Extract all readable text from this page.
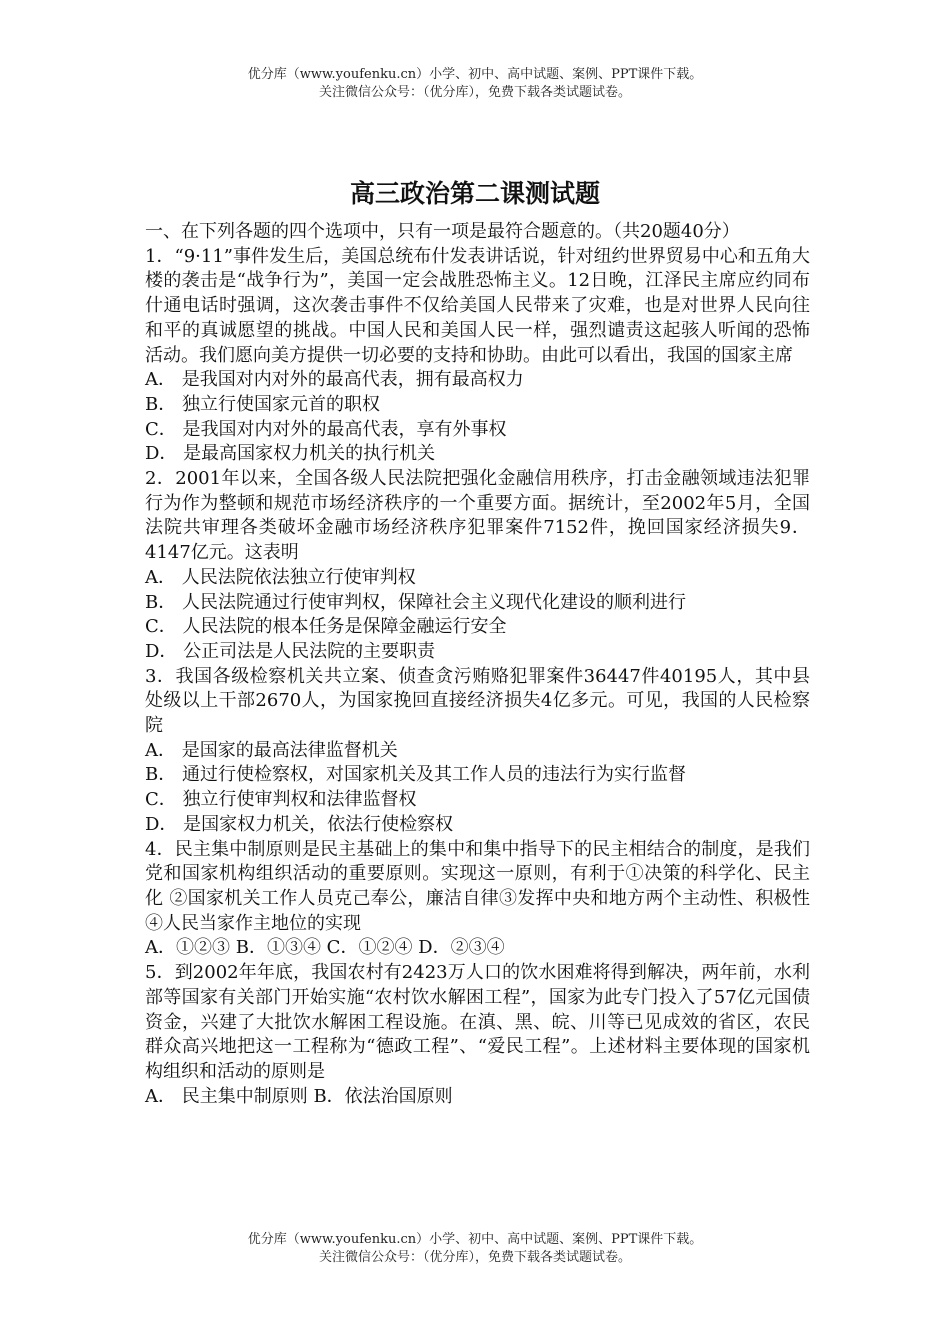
优分库（www.youfenku.cn）小学、初中、高中试题、案例、PPT课件下载。
关注微信公众号：（优分库），免费下载各类试题试卷。
高三政治第二课测试题

一、在下列各题的四个选项中，只有一项是最符合题意的。（共20题40分）

1．“9·11”事件发生后，美国总统布什发表讲话说，针对纽约世界贸易中心和五角大楼的袭击是“战争行为”，美国一定会战胜恐怖主义。12日晚，江泽民主席应约同布什通电话时强调，这次袭击事件不仅给美国人民带来了灾难，也是对世界人民向往和平的真诚愿望的挑战。中国人民和美国人民一样，强烈谴责这起骇人听闻的恐怖活动。我们愿向美方提供一切必要的支持和协助。由此可以看出，我国的国家主席

A． 是我国对内对外的最高代表，拥有最高权力

B． 独立行使国家元首的职权

C． 是我国对内对外的最高代表，享有外事权

D． 是最高国家权力机关的执行机关

2．2001年以来，全国各级人民法院把强化金融信用秩序，打击金融领域违法犯罪行为作为整顿和规范市场经济秩序的一个重要方面。据统计，至2002年5月，全国法院共审理各类破坏金融市场经济秩序犯罪案件7152件，挽回国家经济损失9．4147亿元。这表明

A． 人民法院依法独立行使审判权

B． 人民法院通过行使审判权，保障社会主义现代化建设的顺利进行

C． 人民法院的根本任务是保障金融运行安全

D． 公正司法是人民法院的主要职责

3．我国各级检察机关共立案、侦查贪污贿赂犯罪案件36447件40195人，其中县处级以上干部2670人，为国家挽回直接经济损失4亿多元。可见，我国的人民检察院

A． 是国家的最高法律监督机关

B． 通过行使检察权，对国家机关及其工作人员的违法行为实行监督

C． 独立行使审判权和法律监督权

D． 是国家权力机关，依法行使检察权

4．民主集中制原则是民主基础上的集中和集中指导下的民主相结合的制度，是我们党和国家机构组织活动的重要原则。实现这一原则，有利于①决策的科学化、民主化 ②国家机关工作人员克己奉公，廉洁自律③发挥中央和地方两个主动性、积极性 ④人民当家作主地位的实现

A．①②③ B．①③④ C．①②④ D．②③④

5．到2002年年底，我国农村有2423万人口的饮水困难将得到解决，两年前，水利部等国家有关部门开始实施“农村饮水解困工程”，国家为此专门投入了57亿元国债资金，兴建了大批饮水解困工程设施。在滇、黑、皖、川等已见成效的省区，农民群众高兴地把这一工程称为“德政工程”、“爱民工程”。上述材料主要体现的国家机构组织和活动的原则是

A． 民主集中制原则 B．依法治国原则

优分库（www.youfenku.cn）小学、初中、高中试题、案例、PPT课件下载。
关注微信公众号：（优分库），免费下载各类试题试卷。
